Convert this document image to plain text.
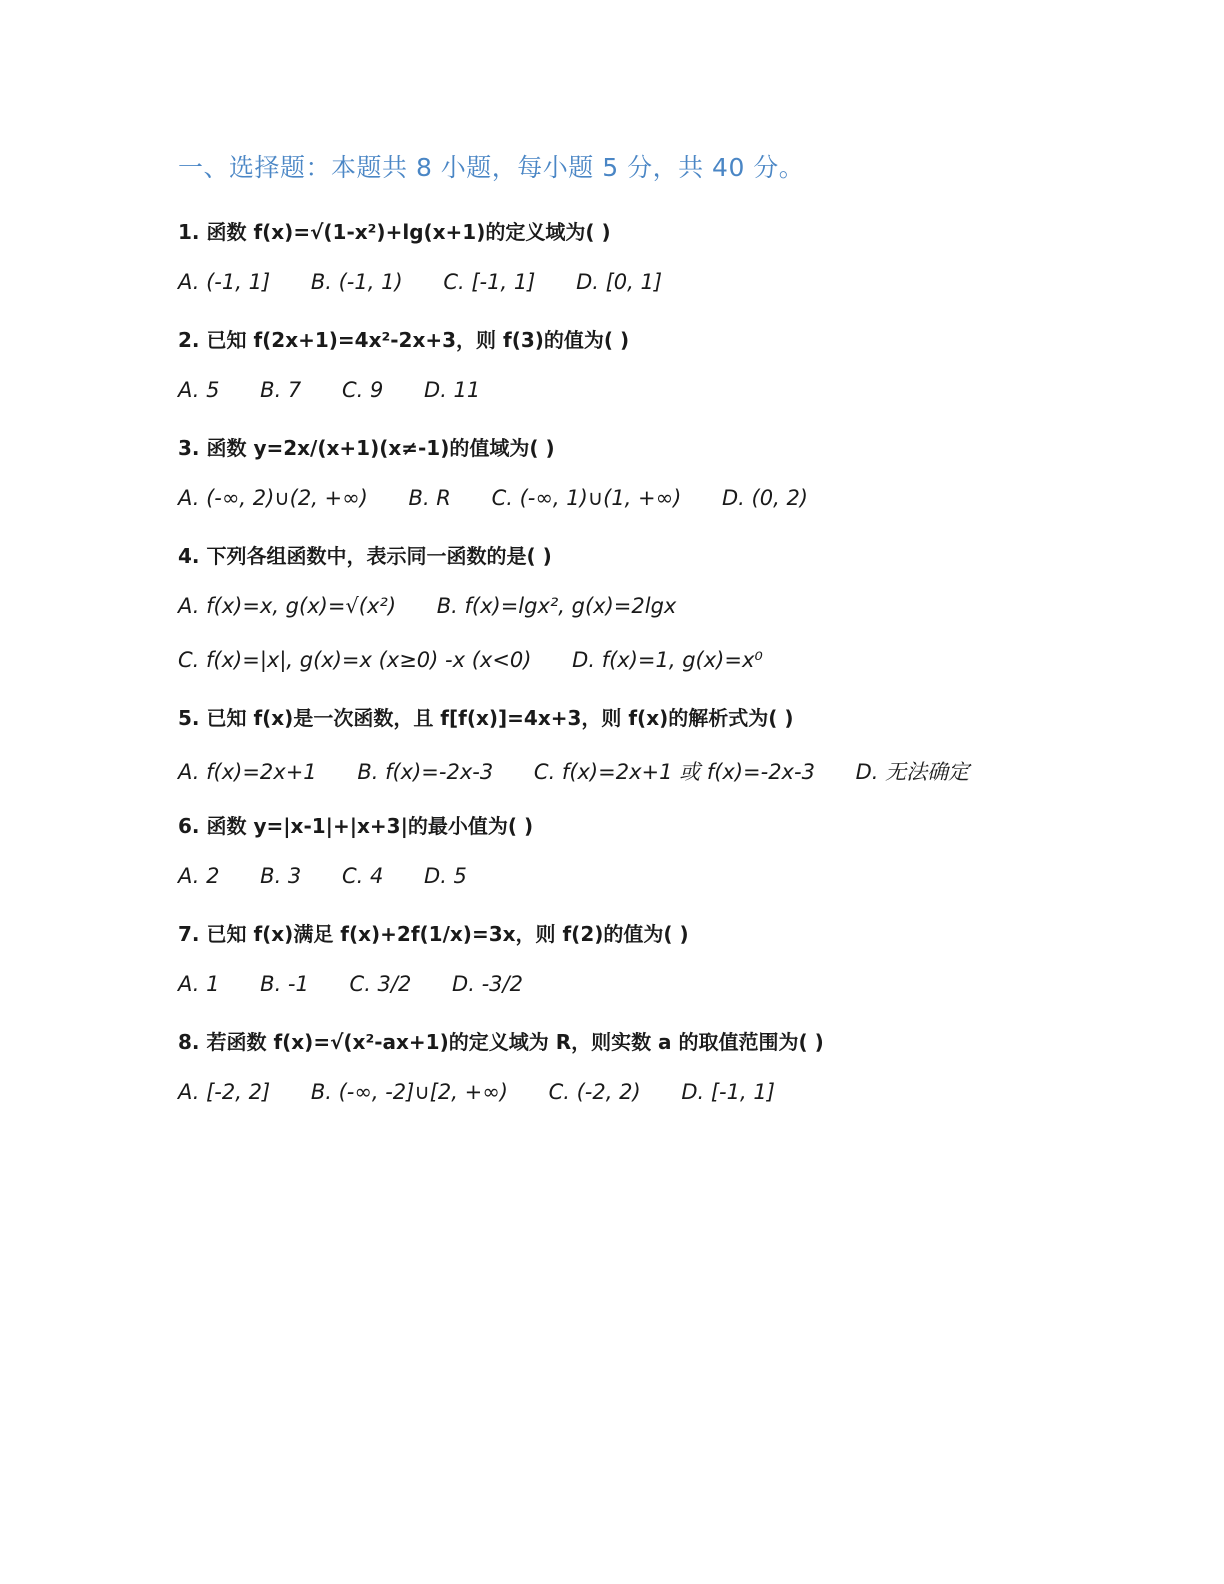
一、选择题：本题共 8 小题，每小题 5 分，共 40 分。
1. 函数 f(x)=√(1-x²)+lg(x+1)的定义域为( )
A. (-1, 1] B. (-1, 1) C. [-1, 1] D. [0, 1]
2. 已知 f(2x+1)=4x²-2x+3，则 f(3)的值为( )
A. 5 B. 7 C. 9 D. 11
3. 函数 y=2x/(x+1)(x≠-1)的值域为( )
A. (-∞, 2)∪(2, +∞) B. R C. (-∞, 1)∪(1, +∞) D. (0, 2)
4. 下列各组函数中，表示同一函数的是( )
A. f(x)=x, g(x)=√(x²) B. f(x)=lgx², g(x)=2lgx
C. f(x)=|x|, g(x)=x (x≥0) -x (x<0) D. f(x)=1, g(x)=x⁰
5. 已知 f(x)是一次函数，且 f[f(x)]=4x+3，则 f(x)的解析式为( )
A. f(x)=2x+1 B. f(x)=-2x-3 C. f(x)=2x+1 或 f(x)=-2x-3 D. 无法确定
6. 函数 y=|x-1|+|x+3|的最小值为( )
A. 2 B. 3 C. 4 D. 5
7. 已知 f(x)满足 f(x)+2f(1/x)=3x，则 f(2)的值为( )
A. 1 B. -1 C. 3/2 D. -3/2
8. 若函数 f(x)=√(x²-ax+1)的定义域为 R，则实数 a 的取值范围为( )
A. [-2, 2] B. (-∞, -2]∪[2, +∞) C. (-2, 2) D. [-1, 1]
